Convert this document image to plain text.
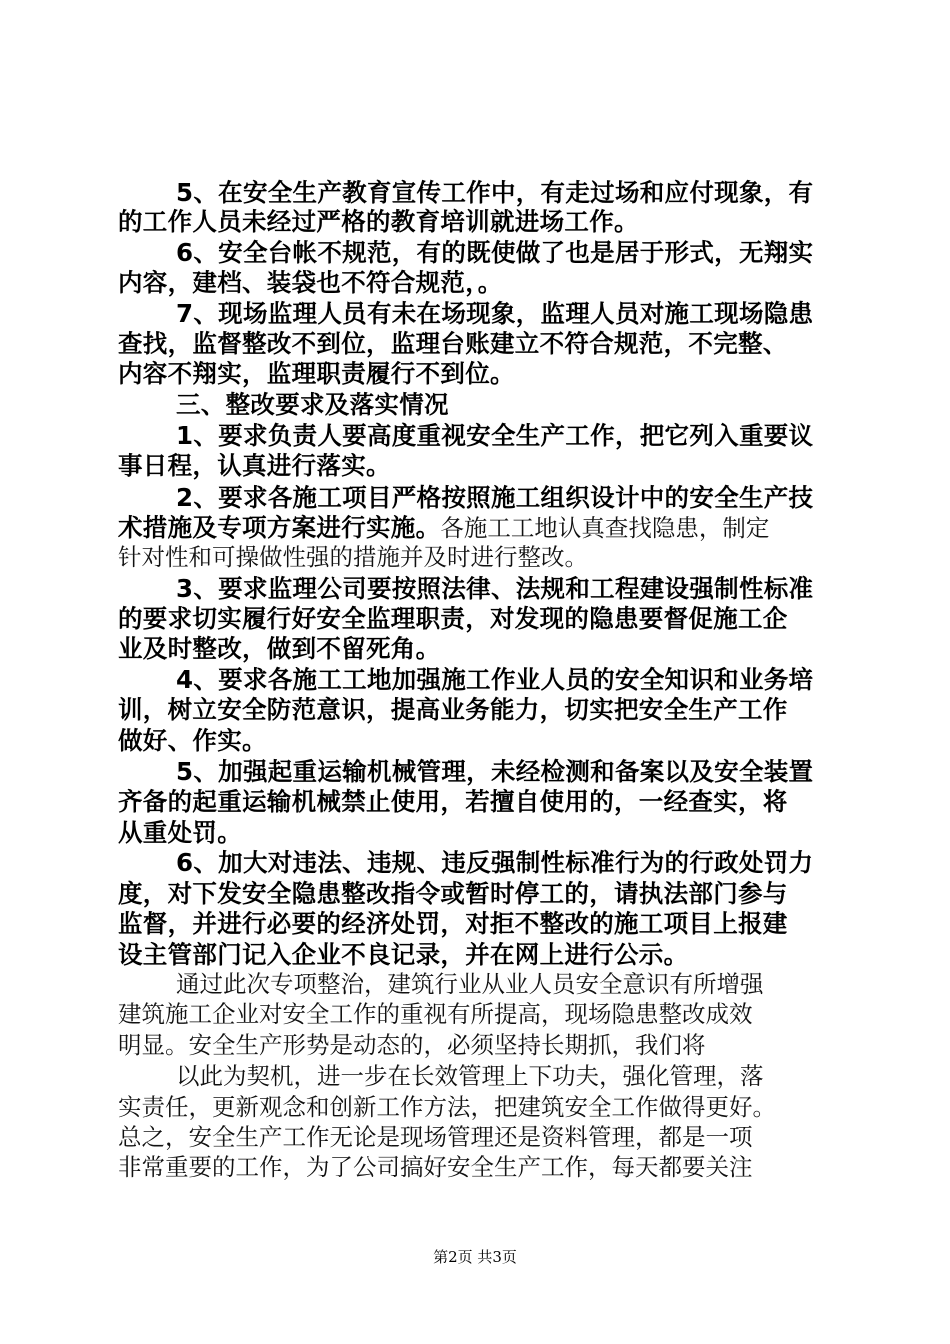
5、在安全生产教育宣传工作中，有走过场和应付现象，有
的工作人员未经过严格的教育培训就进场工作。
6、安全台帐不规范，有的既使做了也是居于形式，无翔实
内容，建档、装袋也不符合规范，。
7、现场监理人员有未在场现象，监理人员对施工现场隐患
查找，监督整改不到位，监理台账建立不符合规范，不完整、
内容不翔实，监理职责履行不到位。
三、整改要求及落实情况
1、要求负责人要高度重视安全生产工作，把它列入重要议
事日程，认真进行落实。
2、要求各施工项目严格按照施工组织设计中的安全生产技
术措施及专项方案进行实施。各施工工地认真查找隐患，制定
针对性和可操做性强的措施并及时进行整改。
3、要求监理公司要按照法律、法规和工程建设强制性标准
的要求切实履行好安全监理职责，对发现的隐患要督促施工企
业及时整改，做到不留死角。
4、要求各施工工地加强施工作业人员的安全知识和业务培
训，树立安全防范意识，提高业务能力，切实把安全生产工作
做好、作实。
5、加强起重运输机械管理，未经检测和备案以及安全装置
齐备的起重运输机械禁止使用，若擅自使用的，一经查实，将
从重处罚。
6、加大对违法、违规、违反强制性标准行为的行政处罚力
度，对下发安全隐患整改指令或暂时停工的，请执法部门参与
监督，并进行必要的经济处罚，对拒不整改的施工项目上报建
设主管部门记入企业不良记录，并在网上进行公示。
通过此次专项整治，建筑行业从业人员安全意识有所增强
建筑施工企业对安全工作的重视有所提高，现场隐患整改成效
明显。安全生产形势是动态的，必须坚持长期抓，我们将
以此为契机，进一步在长效管理上下功夫，强化管理，落
实责任，更新观念和创新工作方法，把建筑安全工作做得更好。
总之，安全生产工作无论是现场管理还是资料管理，都是一项
非常重要的工作，为了公司搞好安全生产工作，每天都要关注
第2页 共3页
